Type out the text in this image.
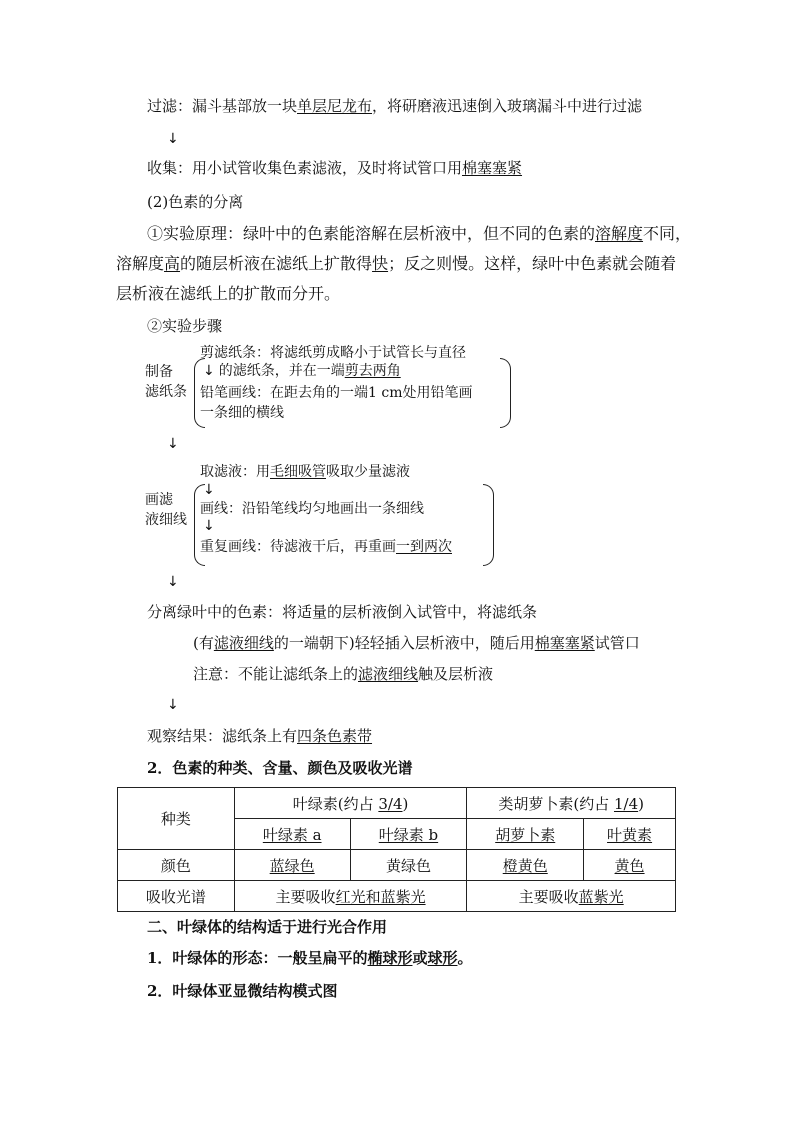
过滤：漏斗基部放一块单层尼龙布，将研磨液迅速倒入玻璃漏斗中进行过滤
↓
收集：用小试管收集色素滤液，及时将试管口用棉塞塞紧
(2)色素的分离
①实验原理：绿叶中的色素能溶解在层析液中，但不同的色素的溶解度不同，
溶解度高的随层析液在滤纸上扩散得快；反之则慢。这样，绿叶中色素就会随着
层析液在滤纸上的扩散而分开。
②实验步骤
制备
滤纸条
剪滤纸条：将滤纸剪成略小于试管长与直径
↓ 的滤纸条，并在一端剪去两角
铅笔画线：在距去角的一端1 cm处用铅笔画
一条细的横线
↓
取滤液：用毛细吸管吸取少量滤液
↓
画滤
液细线
画线：沿铅笔线均匀地画出一条细线
↓
重复画线：待滤液干后，再重画一到两次
↓
分离绿叶中的色素：将适量的层析液倒入试管中，将滤纸条
(有滤液细线的一端朝下)轻轻插入层析液中，随后用棉塞塞紧试管口
注意：不能让滤纸条上的滤液细线触及层析液
↓
观察结果：滤纸条上有四条色素带
2．色素的种类、含量、颜色及吸收光谱
种类	叶绿素(约占 3/4)		类胡萝卜素(约占 1/4)	
	叶绿素 a	叶绿素 b	胡萝卜素	叶黄素
颜色	蓝绿色	黄绿色	橙黄色	黄色
吸收光谱	主要吸收红光和蓝紫光		主要吸收蓝紫光	
二、叶绿体的结构适于进行光合作用
1．叶绿体的形态：一般呈扁平的椭球形或球形。
2．叶绿体亚显微结构模式图
